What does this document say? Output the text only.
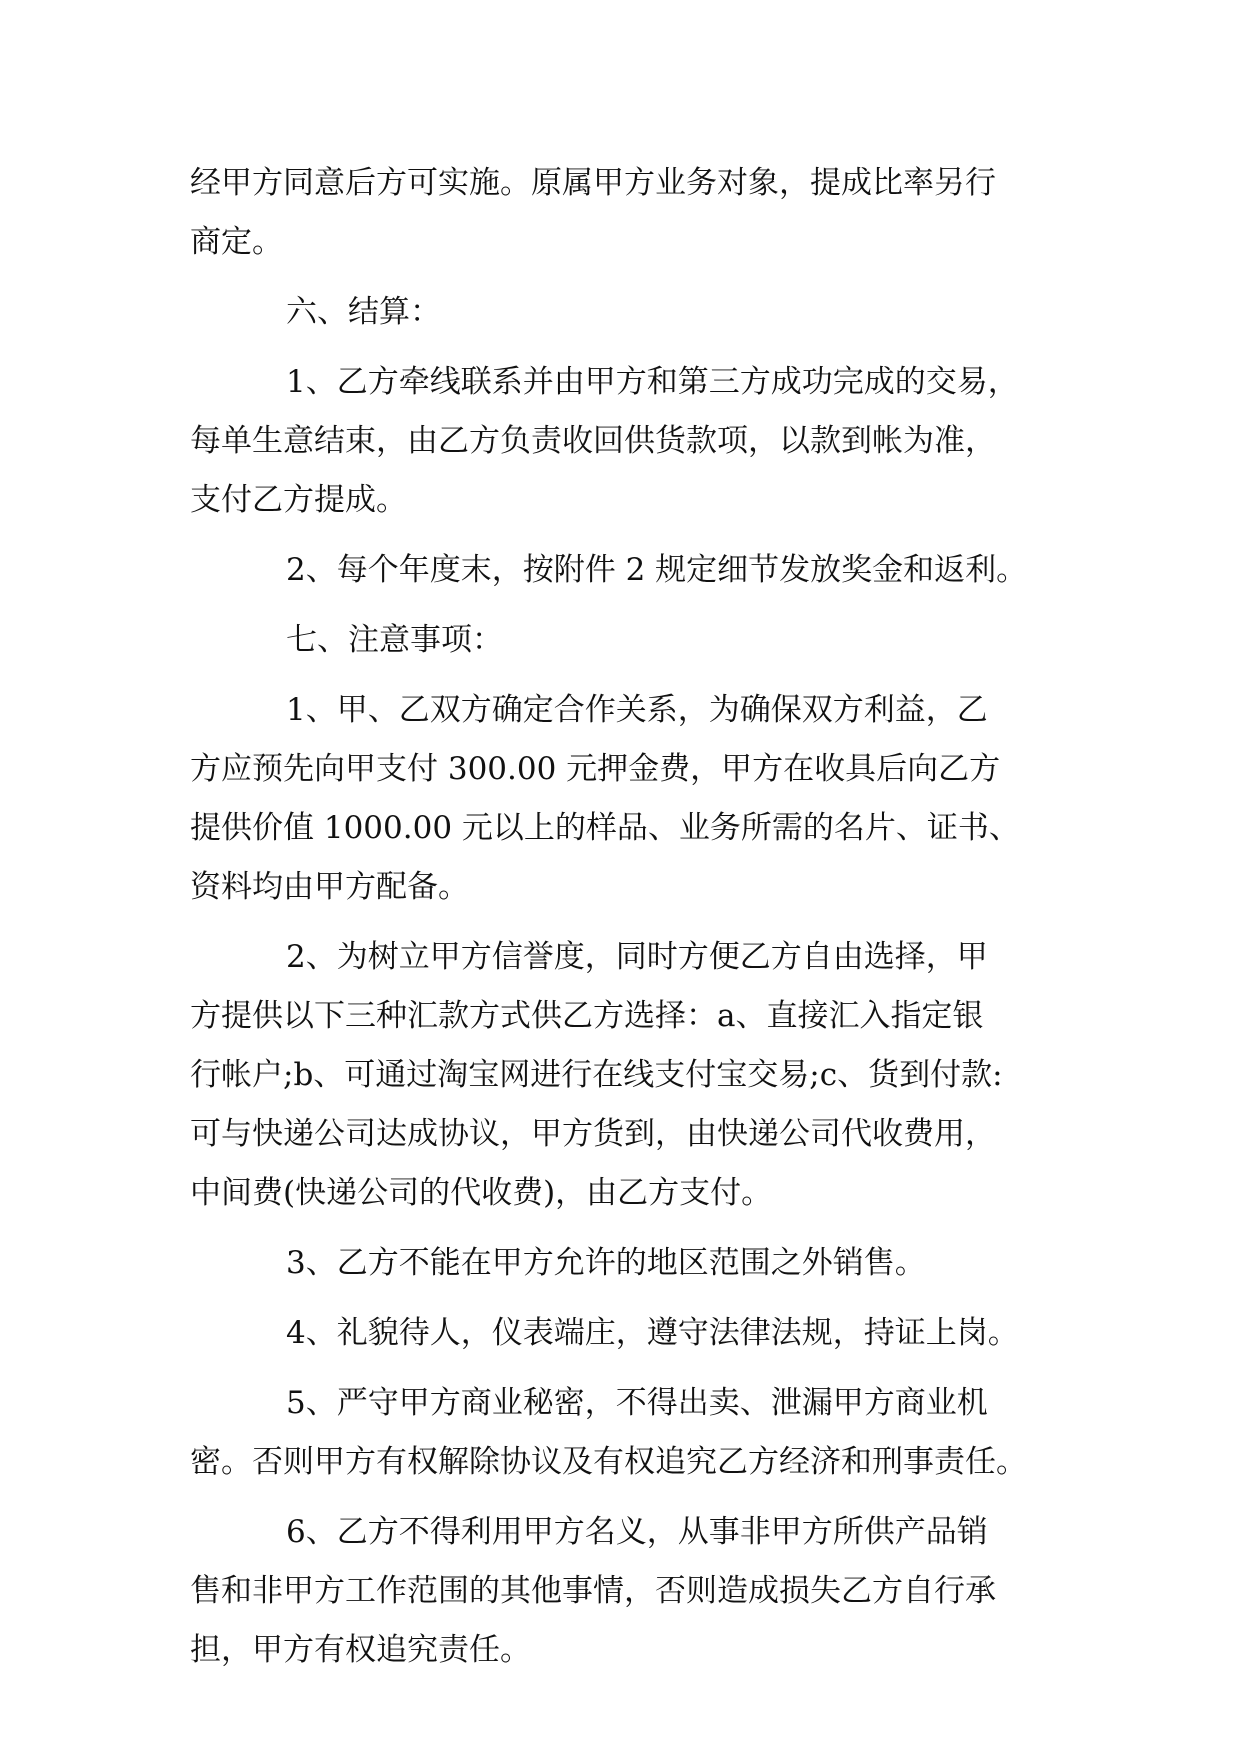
经甲方同意后方可实施。原属甲方业务对象，提成比率另行
商定。
六、结算：
1、乙方牵线联系并由甲方和第三方成功完成的交易，
每单生意结束，由乙方负责收回供货款项，以款到帐为准，
支付乙方提成。
2、每个年度末，按附件 2 规定细节发放奖金和返利。
七、注意事项：
1、甲、乙双方确定合作关系，为确保双方利益，乙
方应预先向甲支付 300.00 元押金费，甲方在收具后向乙方
提供价值 1000.00 元以上的样品、业务所需的名片、证书、
资料均由甲方配备。
2、为树立甲方信誉度，同时方便乙方自由选择，甲
方提供以下三种汇款方式供乙方选择：a、直接汇入指定银
行帐户;b、可通过淘宝网进行在线支付宝交易;c、货到付款:
可与快递公司达成协议，甲方货到，由快递公司代收费用，
中间费(快递公司的代收费)，由乙方支付。
3、乙方不能在甲方允许的地区范围之外销售。
4、礼貌待人，仪表端庄，遵守法律法规，持证上岗。
5、严守甲方商业秘密，不得出卖、泄漏甲方商业机
密。否则甲方有权解除协议及有权追究乙方经济和刑事责任。
6、乙方不得利用甲方名义，从事非甲方所供产品销
售和非甲方工作范围的其他事情，否则造成损失乙方自行承
担，甲方有权追究责任。
